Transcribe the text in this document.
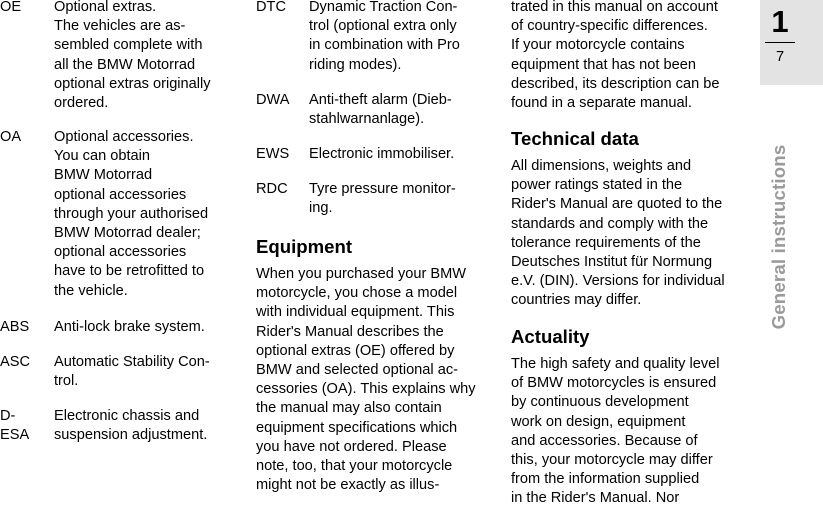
OE Optional extras.
The vehicles are as-
sembled complete with
all the BMW Motorrad
optional extras originally
ordered.
OA Optional accessories.
You can obtain
BMW Motorrad
optional accessories
through your authorised
BMW Motorrad dealer;
optional accessories
have to be retrofitted to
the vehicle.
ABS Anti-lock brake system.
ASC Automatic Stability Con-
trol.
D-
ESA
Electronic chassis and
suspension adjustment.
DTC Dynamic Traction Con-
trol (optional extra only
in combination with Pro
riding modes).
DWA Anti-theft alarm (Dieb-
stahlwarnanlage).
EWS Electronic immobiliser.
RDC Tyre pressure monitor-
ing.
Equipment
When you purchased your BMW
motorcycle, you chose a model
with individual equipment. This
Rider's Manual describes the
optional extras (OE) offered by
BMW and selected optional ac-
cessories (OA). This explains why
the manual may also contain
equipment specifications which
you have not ordered. Please
note, too, that your motorcycle
might not be exactly as illus-
trated in this manual on account
of country-specific differences.
If your motorcycle contains
equipment that has not been
described, its description can be
found in a separate manual.
Technical data
All dimensions, weights and
power ratings stated in the
Rider's Manual are quoted to the
standards and comply with the
tolerance requirements of the
Deutsches Institut für Normung
e.V. (DIN). Versions for individual
countries may differ.
Actuality
The high safety and quality level
of BMW motorcycles is ensured
by continuous development
work on design, equipment
and accessories. Because of
this, your motorcycle may differ
from the information supplied
in the Rider's Manual. Nor
1
7
General instructions
